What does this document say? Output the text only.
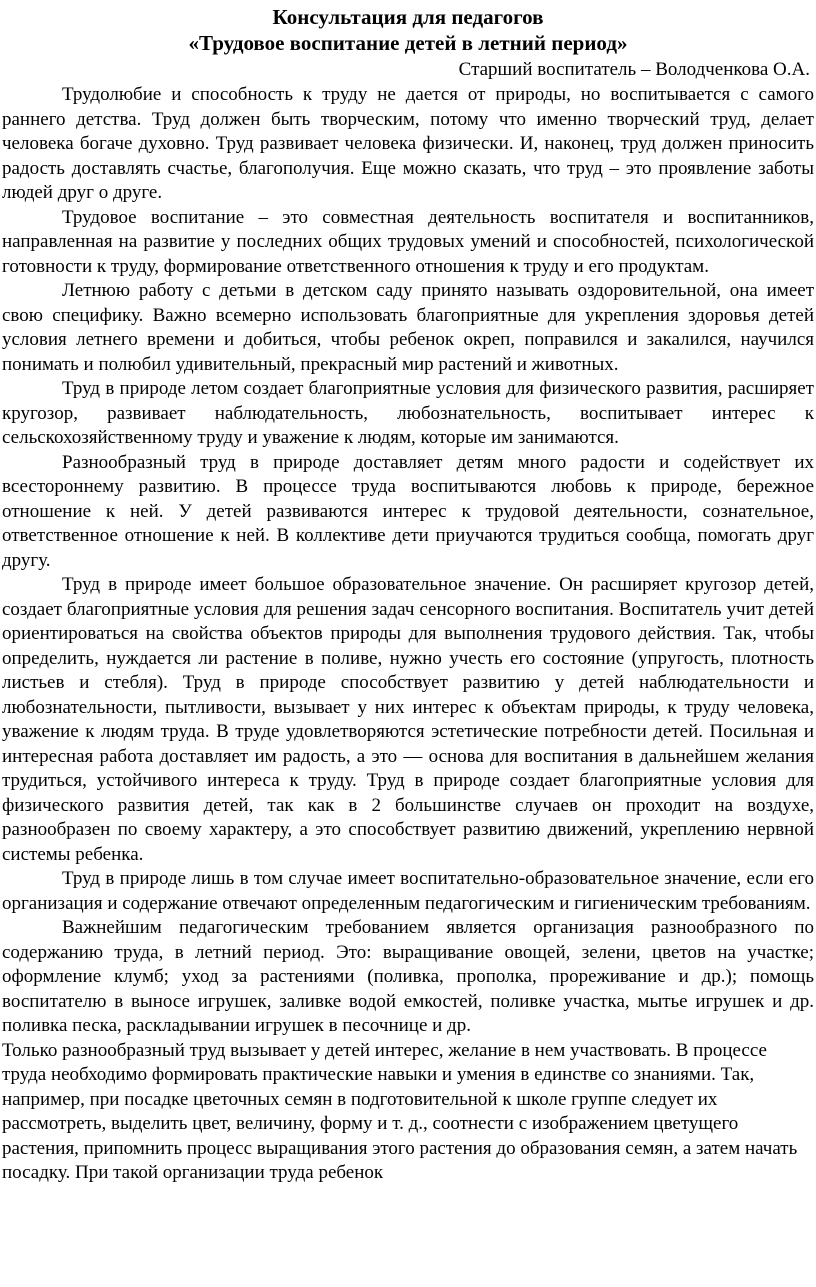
Консультация для педагогов
«Трудовое воспитание детей в летний период»

Старший воспитатель – Володченкова О.А.

Трудолюбие и способность к труду не дается от природы, но воспитывается с самого раннего детства. Труд должен быть творческим, потому что именно творческий труд, делает человека богаче духовно. Труд развивает человека физически. И, наконец, труд должен приносить радость доставлять счастье, благополучия. Еще можно сказать, что труд – это проявление заботы людей друг о друге.

Трудовое воспитание – это совместная деятельность воспитателя и воспитанников, направленная на развитие у последних общих трудовых умений и способностей, психологической готовности к труду, формирование ответственного отношения к труду и его продуктам.

Летнюю работу с детьми в детском саду принято называть оздоровительной, она имеет свою специфику. Важно всемерно использовать благоприятные для укрепления здоровья детей условия летнего времени и добиться, чтобы ребенок окреп, поправился и закалился, научился понимать и полюбил удивительный, прекрасный мир растений и животных.

Труд в природе летом создает благоприятные условия для физического развития, расширяет кругозор, развивает наблюдательность, любознательность, воспитывает интерес к сельскохозяйственному труду и уважение к людям, которые им занимаются.

Разнообразный труд в природе доставляет детям много радости и содействует их всестороннему развитию. В процессе труда воспитываются любовь к природе, бережное отношение к ней. У детей развиваются интерес к трудовой деятельности, сознательное, ответственное отношение к ней. В коллективе дети приучаются трудиться сообща, помогать друг другу.

Труд в природе имеет большое образовательное значение. Он расширяет кругозор детей, создает благоприятные условия для решения задач сенсорного воспитания. Воспитатель учит детей ориентироваться на свойства объектов природы для выполнения трудового действия. Так, чтобы определить, нуждается ли растение в поливе, нужно учесть его состояние (упругость, плотность листьев и стебля). Труд в природе способствует развитию у детей наблюдательности и любознательности, пытливости, вызывает у них интерес к объектам природы, к труду человека, уважение к людям труда. В труде удовлетворяются эстетические потребности детей. Посильная и интересная работа доставляет им радость, а это — основа для воспитания в дальнейшем желания трудиться, устойчивого интереса к труду. Труд в природе создает благоприятные условия для физического развития детей, так как в 2 большинстве случаев он проходит на воздухе, разнообразен по своему характеру, а это способствует развитию движений, укреплению нервной системы ребенка.

Труд в природе лишь в том случае имеет воспитательно-образовательное значение, если его организация и содержание отвечают определенным педагогическим и гигиеническим требованиям.

Важнейшим педагогическим требованием является организация разнообразного по содержанию труда, в летний период. Это: выращивание овощей, зелени, цветов на участке; оформление клумб; уход за растениями (поливка, прополка, прореживание и др.); помощь воспитателю в выносе игрушек, заливке водой емкостей, поливке участка, мытье игрушек и др. поливка песка, раскладывании игрушек в песочнице и др.

Только разнообразный труд вызывает у детей интерес, желание в нем участвовать. В процессе труда необходимо формировать практические навыки и умения в единстве со знаниями. Так, например, при посадке цветочных семян в подготовительной к школе группе следует их рассмотреть, выделить цвет, величину, форму и т. д., соотнести с изображением цветущего растения, припомнить процесс выращивания этого растения до образования семян, а затем начать посадку. При такой организации труда ребенок
